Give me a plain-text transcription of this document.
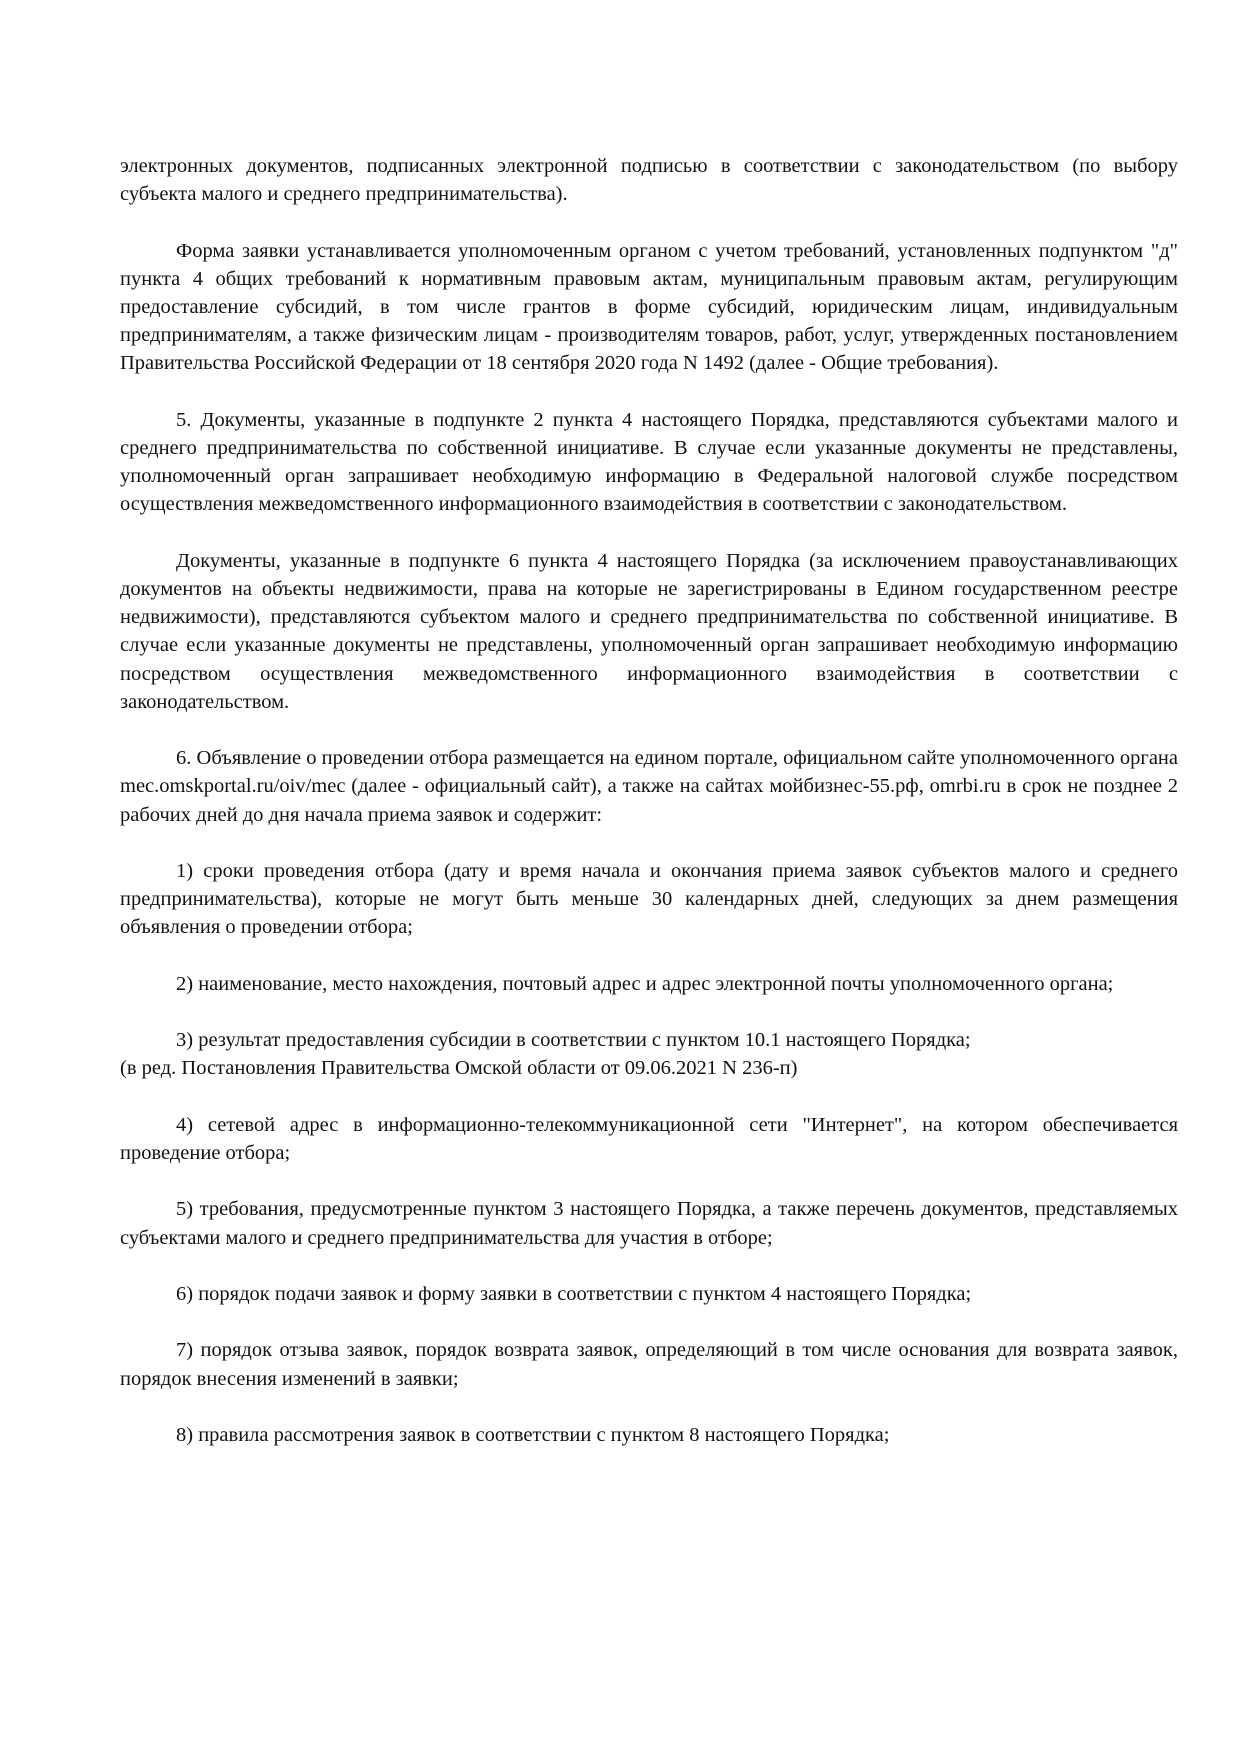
электронных документов, подписанных электронной подписью в соответствии с законодательством (по выбору субъекта малого и среднего предпринимательства).

Форма заявки устанавливается уполномоченным органом с учетом требований, установленных подпунктом "д" пункта 4 общих требований к нормативным правовым актам, муниципальным правовым актам, регулирующим предоставление субсидий, в том числе грантов в форме субсидий, юридическим лицам, индивидуальным предпринимателям, а также физическим лицам - производителям товаров, работ, услуг, утвержденных постановлением Правительства Российской Федерации от 18 сентября 2020 года N 1492 (далее - Общие требования).

5. Документы, указанные в подпункте 2 пункта 4 настоящего Порядка, представляются субъектами малого и среднего предпринимательства по собственной инициативе. В случае если указанные документы не представлены, уполномоченный орган запрашивает необходимую информацию в Федеральной налоговой службе посредством осуществления межведомственного информационного взаимодействия в соответствии с законодательством.

Документы, указанные в подпункте 6 пункта 4 настоящего Порядка (за исключением правоустанавливающих документов на объекты недвижимости, права на которые не зарегистрированы в Едином государственном реестре недвижимости), представляются субъектом малого и среднего предпринимательства по собственной инициативе. В случае если указанные документы не представлены, уполномоченный орган запрашивает необходимую информацию посредством осуществления межведомственного информационного взаимодействия в соответствии с законодательством.

6. Объявление о проведении отбора размещается на едином портале, официальном сайте уполномоченного органа mec.omskportal.ru/oiv/mec (далее - официальный сайт), а также на сайтах мойбизнес-55.рф, omrbi.ru в срок не позднее 2 рабочих дней до дня начала приема заявок и содержит:

1) сроки проведения отбора (дату и время начала и окончания приема заявок субъектов малого и среднего предпринимательства), которые не могут быть меньше 30 календарных дней, следующих за днем размещения объявления о проведении отбора;

2) наименование, место нахождения, почтовый адрес и адрес электронной почты уполномоченного органа;

3) результат предоставления субсидии в соответствии с пунктом 10.1 настоящего Порядка;
(в ред. Постановления Правительства Омской области от 09.06.2021 N 236-п)

4) сетевой адрес в информационно-телекоммуникационной сети "Интернет", на котором обеспечивается проведение отбора;

5) требования, предусмотренные пунктом 3 настоящего Порядка, а также перечень документов, представляемых субъектами малого и среднего предпринимательства для участия в отборе;

6) порядок подачи заявок и форму заявки в соответствии с пунктом 4 настоящего Порядка;

7) порядок отзыва заявок, порядок возврата заявок, определяющий в том числе основания для возврата заявок, порядок внесения изменений в заявки;

8) правила рассмотрения заявок в соответствии с пунктом 8 настоящего Порядка;
